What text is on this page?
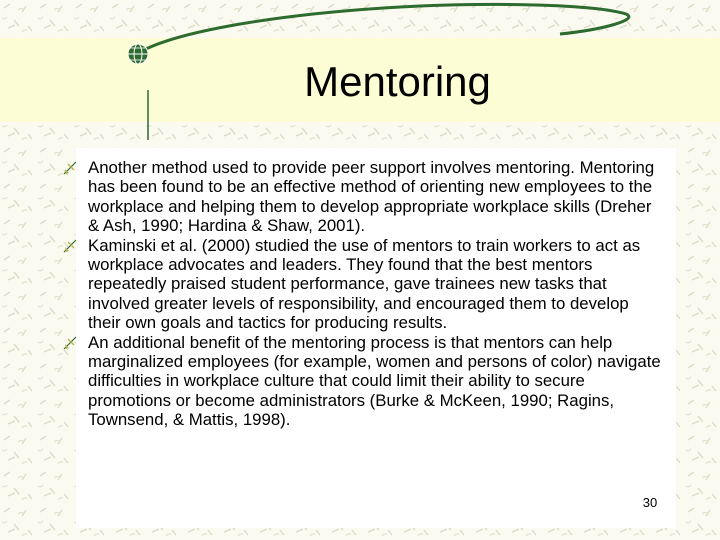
Mentoring
Another method used to provide peer support involves mentoring. Mentoring has been found to be an effective method of orienting new employees to the workplace and helping them to develop appropriate workplace skills (Dreher & Ash, 1990; Hardina & Shaw, 2001).
Kaminski et al. (2000) studied the use of mentors to train workers to act as workplace advocates and leaders. They found that the best mentors repeatedly praised student performance, gave trainees new tasks that involved greater levels of responsibility, and encouraged them to develop their own goals and tactics for producing results.
An additional benefit of the mentoring process is that mentors can help marginalized employees (for example, women and persons of color) navigate difficulties in workplace culture that could limit their ability to secure promotions or become administrators (Burke & McKeen, 1990; Ragins, Townsend, & Mattis, 1998).
30
